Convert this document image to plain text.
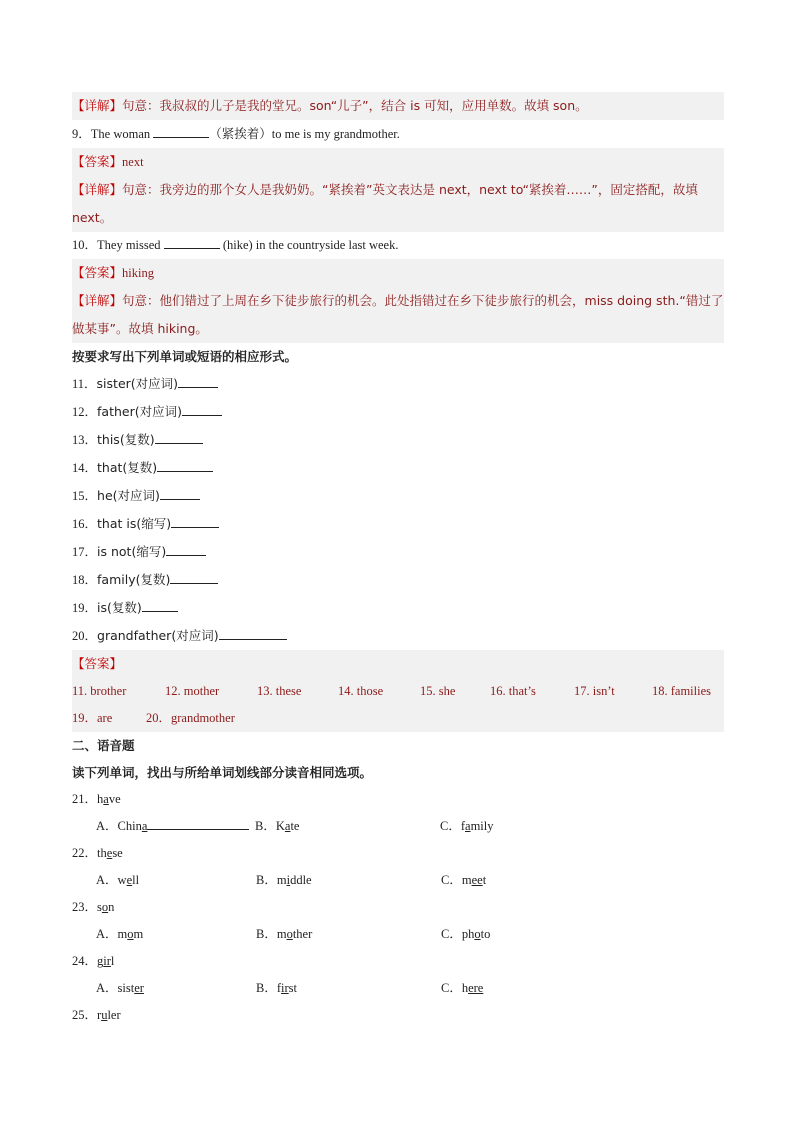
【详解】句意：我叔叔的儿子是我的堂兄。son“儿子”，结合 is 可知，应用单数。故填 son。
9．The woman	（紧挨着）to me is my grandmother.
【答案】next
【详解】句意：我旁边的那个女人是我奶奶。“紧挨着”英文表达是 next，next to“紧挨着……”，固定搭配，故填 next。
10．They missed	(hike) in the countryside last week.
【答案】hiking
【详解】句意：他们错过了上周在乡下徒步旅行的机会。此处指错过在乡下徒步旅行的机会，miss doing sth.“错过了做某事”。故填 hiking。
按要求写出下列单词或短语的相应形式。
11．sister(对应词)
12．father(对应词)
13．this(复数)
14．that(复数)
15．he(对应词)
16．that is(缩写)
17．is not(缩写)
18．family(复数)
19．is(复数)
20．grandfather(对应词)
【答案】
11. brother	12. mother	13. these	14. those	15. she	16. that’s	17. isn’t	18. families
19．are	20．grandmother
二、语音题
读下列单词，找出与所给单词划线部分读音相同选项。
21．have
A．China	B．Kate	C．family
22．these
A．well	B．middle	C．meet
23．son
A．mom	B．mother	C．photo
24．girl
A．sister	B．first	C．here
25．ruler
